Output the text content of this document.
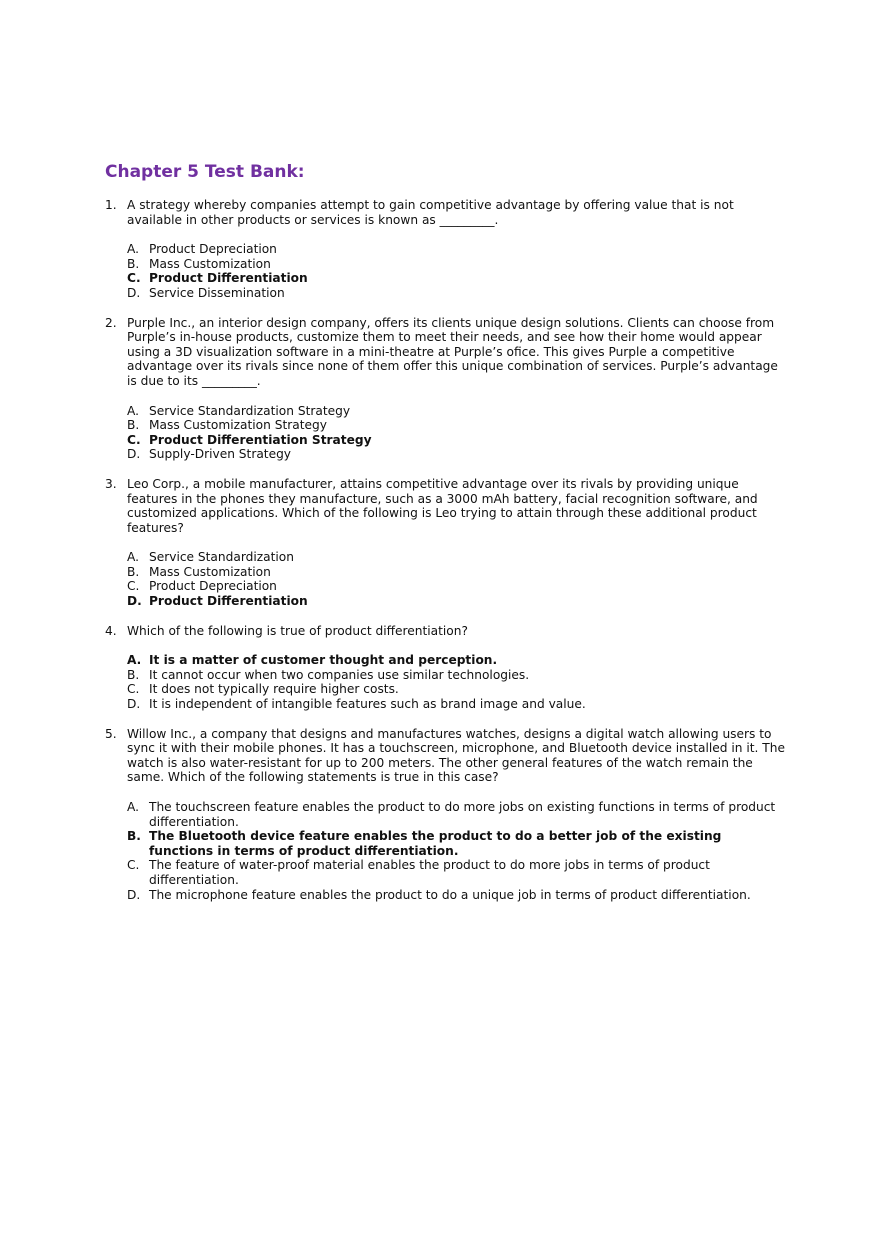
Chapter 5 Test Bank:
1. A strategy whereby companies attempt to gain competitive advantage by offering value that is not available in other products or services is known as _________.

A. Product Depreciation
B. Mass Customization
C. Product Differentiation
D. Service Dissemination
2. Purple Inc., an interior design company, offers its clients unique design solutions. Clients can choose from Purple’s in-house products, customize them to meet their needs, and see how their home would appear using a 3D visualization software in a mini-theatre at Purple’s ofice. This gives Purple a competitive advantage over its rivals since none of them offer this unique combination of services. Purple’s advantage is due to its _________.

A. Service Standardization Strategy
B. Mass Customization Strategy
C. Product Differentiation Strategy
D. Supply-Driven Strategy
3. Leo Corp., a mobile manufacturer, attains competitive advantage over its rivals by providing unique features in the phones they manufacture, such as a 3000 mAh battery, facial recognition software, and customized applications. Which of the following is Leo trying to attain through these additional product features?

A. Service Standardization
B. Mass Customization
C. Product Depreciation
D. Product Differentiation
4. Which of the following is true of product differentiation?

A. It is a matter of customer thought and perception.
B. It cannot occur when two companies use similar technologies.
C. It does not typically require higher costs.
D. It is independent of intangible features such as brand image and value.
5. Willow Inc., a company that designs and manufactures watches, designs a digital watch allowing users to sync it with their mobile phones. It has a touchscreen, microphone, and Bluetooth device installed in it. The watch is also water-resistant for up to 200 meters. The other general features of the watch remain the same. Which of the following statements is true in this case?

A. The touchscreen feature enables the product to do more jobs on existing functions in terms of product differentiation.
B. The Bluetooth device feature enables the product to do a better job of the existing functions in terms of product differentiation.
C. The feature of water-proof material enables the product to do more jobs in terms of product differentiation.
D. The microphone feature enables the product to do a unique job in terms of product differentiation.
